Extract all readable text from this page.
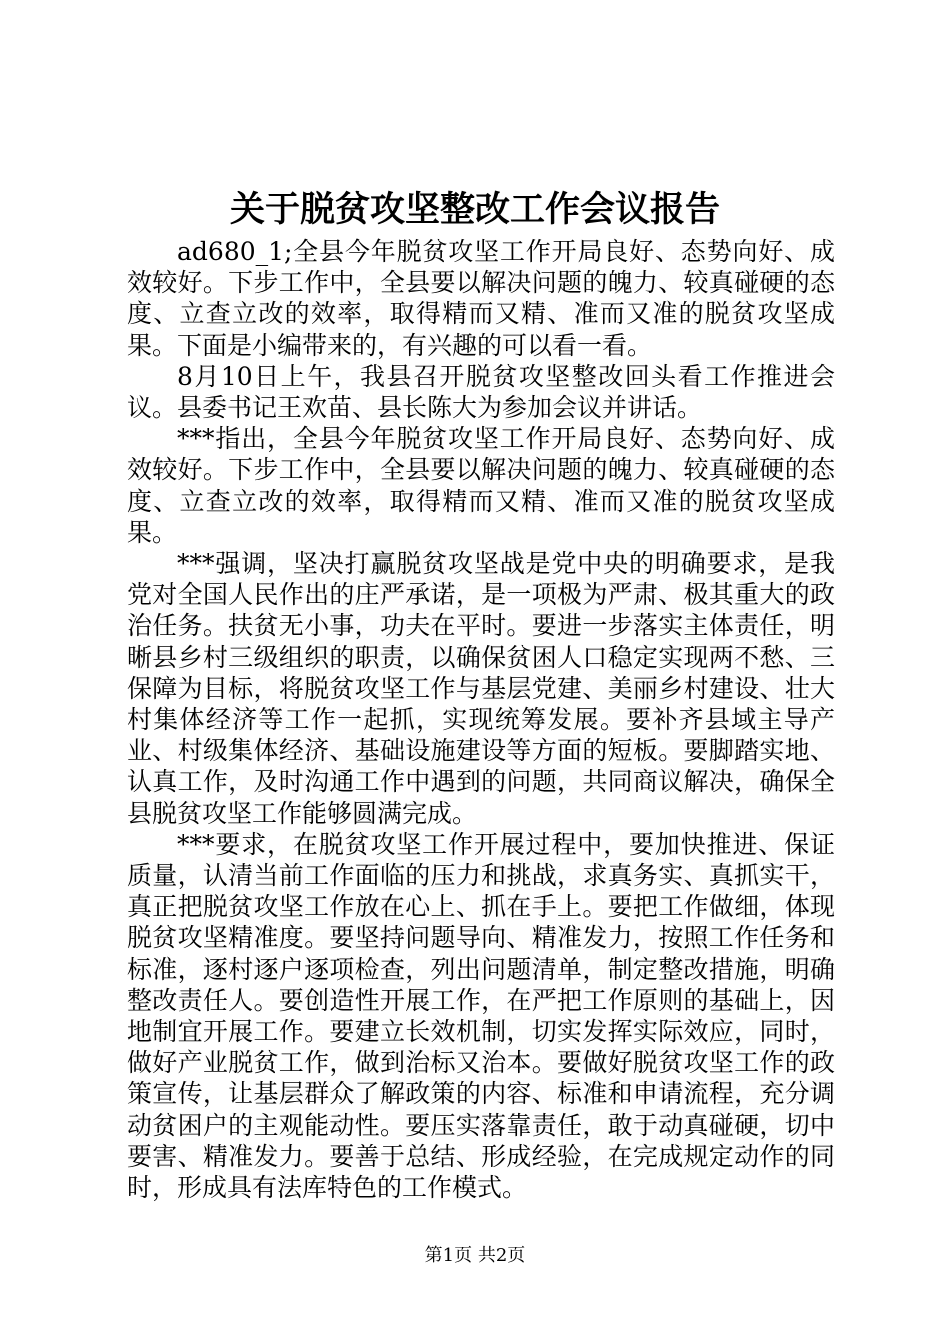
关于脱贫攻坚整改工作会议报告

ad680_1;全县今年脱贫攻坚工作开局良好、态势向好、成效较好。下步工作中，全县要以解决问题的魄力、较真碰硬的态度、立查立改的效率，取得精而又精、准而又准的脱贫攻坚成果。下面是小编带来的，有兴趣的可以看一看。

8月10日上午，我县召开脱贫攻坚整改回头看工作推进会议。县委书记王欢苗、县长陈大为参加会议并讲话。

***指出，全县今年脱贫攻坚工作开局良好、态势向好、成效较好。下步工作中，全县要以解决问题的魄力、较真碰硬的态度、立查立改的效率，取得精而又精、准而又准的脱贫攻坚成果。

***强调，坚决打赢脱贫攻坚战是党中央的明确要求，是我党对全国人民作出的庄严承诺，是一项极为严肃、极其重大的政治任务。扶贫无小事，功夫在平时。要进一步落实主体责任，明晰县乡村三级组织的职责，以确保贫困人口稳定实现两不愁、三保障为目标，将脱贫攻坚工作与基层党建、美丽乡村建设、壮大村集体经济等工作一起抓，实现统筹发展。要补齐县域主导产业、村级集体经济、基础设施建设等方面的短板。要脚踏实地、认真工作，及时沟通工作中遇到的问题，共同商议解决，确保全县脱贫攻坚工作能够圆满完成。

***要求，在脱贫攻坚工作开展过程中，要加快推进、保证质量，认清当前工作面临的压力和挑战，求真务实、真抓实干，真正把脱贫攻坚工作放在心上、抓在手上。要把工作做细，体现脱贫攻坚精准度。要坚持问题导向、精准发力，按照工作任务和标准，逐村逐户逐项检查，列出问题清单，制定整改措施，明确整改责任人。要创造性开展工作，在严把工作原则的基础上，因地制宜开展工作。要建立长效机制，切实发挥实际效应，同时，做好产业脱贫工作，做到治标又治本。要做好脱贫攻坚工作的政策宣传，让基层群众了解政策的内容、标准和申请流程，充分调动贫困户的主观能动性。要压实落靠责任，敢于动真碰硬，切中要害、精准发力。要善于总结、形成经验，在完成规定动作的同时，形成具有法库特色的工作模式。

第1页 共2页
